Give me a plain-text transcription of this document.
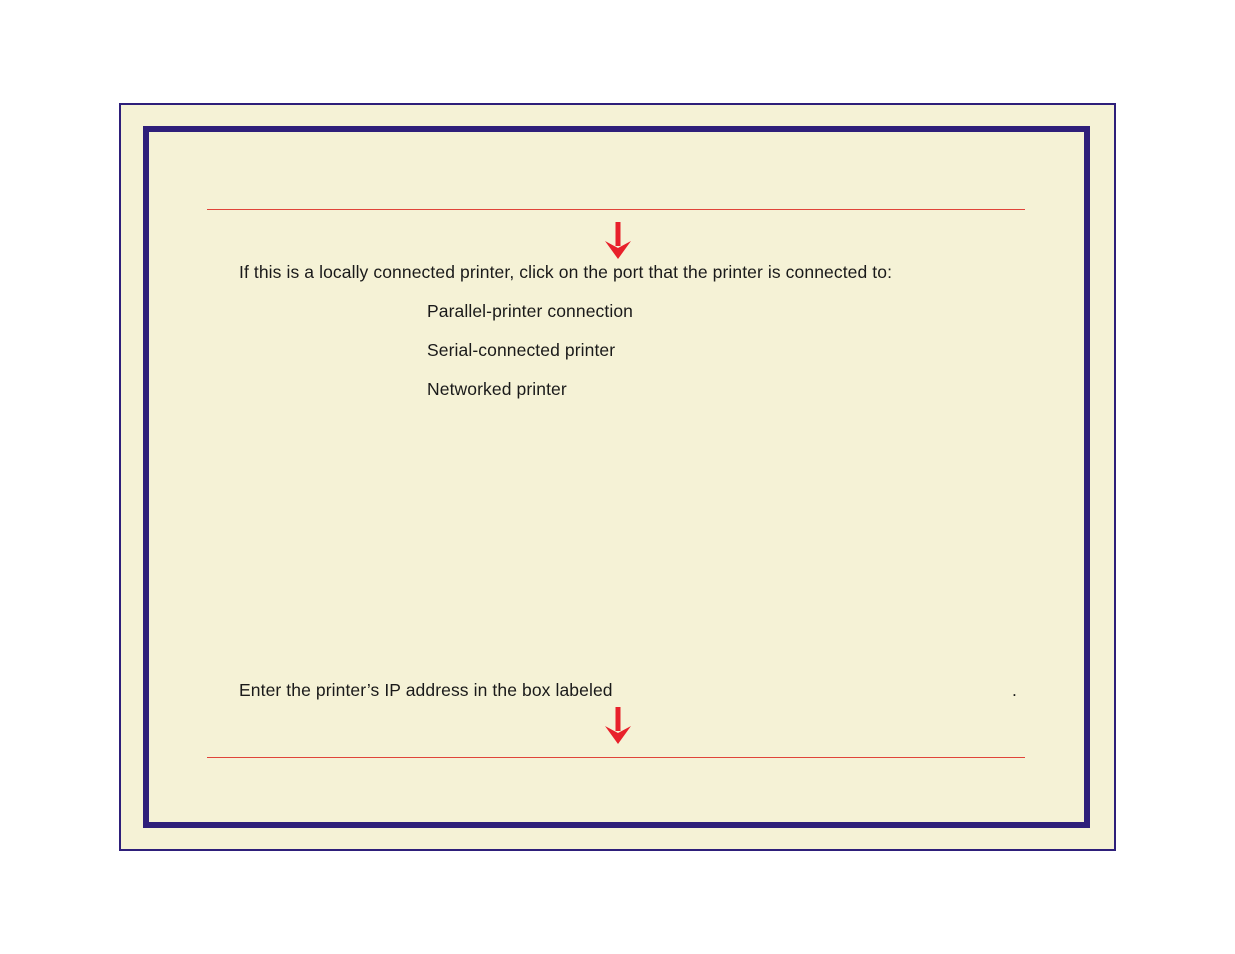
If this is a locally connected printer, click on the port that the printer is connected to:
Parallel-printer connection
Serial-connected printer
Networked printer
Enter the printer’s IP address in the box labeled	.
